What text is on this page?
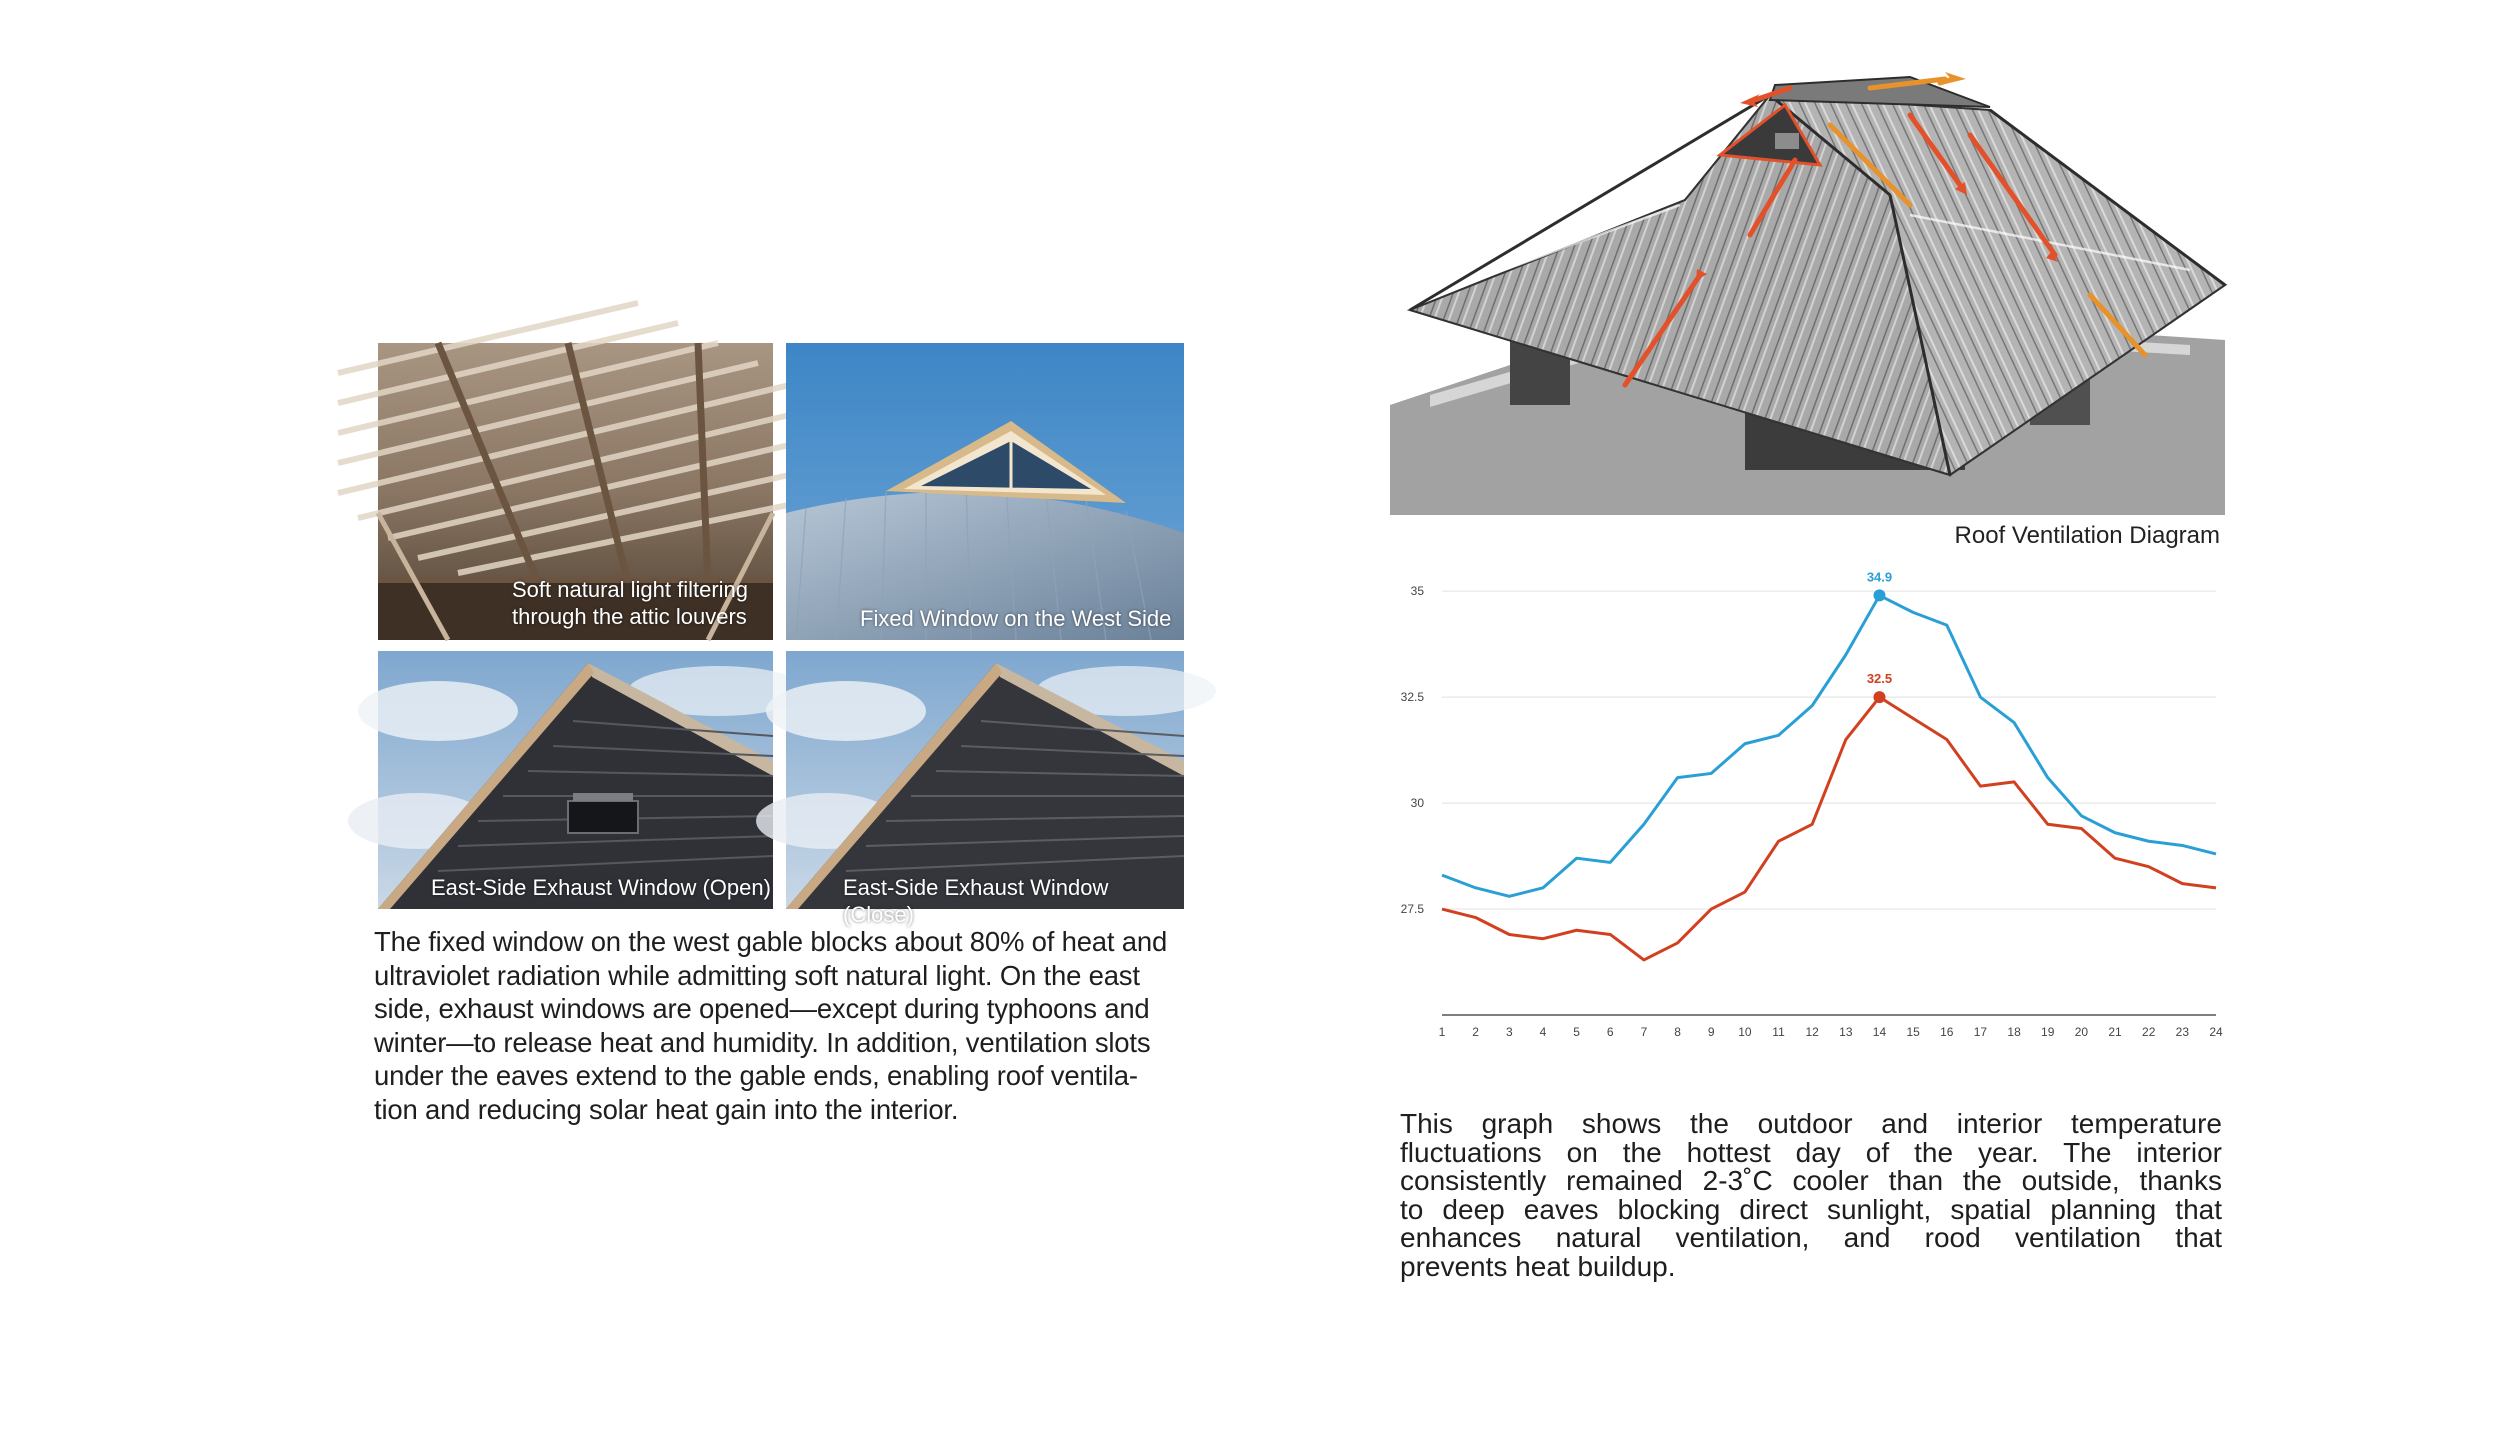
Soft natural light filtering
through the attic louvers	Fixed Window on the West Side
East-Side Exhaust Window (Open)	East-Side Exhaust Window (Close)
The fixed window on the west gable blocks about 80% of heat and
ultraviolet radiation while admitting soft natural light. On the east
side, exhaust windows are opened—except during typhoons and
winter—to release heat and humidity. In addition, ventilation slots
under the eaves extend to the gable ends, enabling roof ventila-
tion and reducing solar heat gain into the interior.
Roof Ventilation Diagram
27.5
30
32.5
35
1 2 3 4 5 6 7 8 9 10 11 12 13 14 15 16 17 18 19 20 21 22 23 24
34.9
32.5
This graph shows the outdoor and interior temperature
fluctuations on the hottest day of the year. The interior
consistently remained 2-3˚C cooler than the outside, thanks
to deep eaves blocking direct sunlight, spatial planning that
enhances natural ventilation, and rood ventilation that
prevents heat buildup.
